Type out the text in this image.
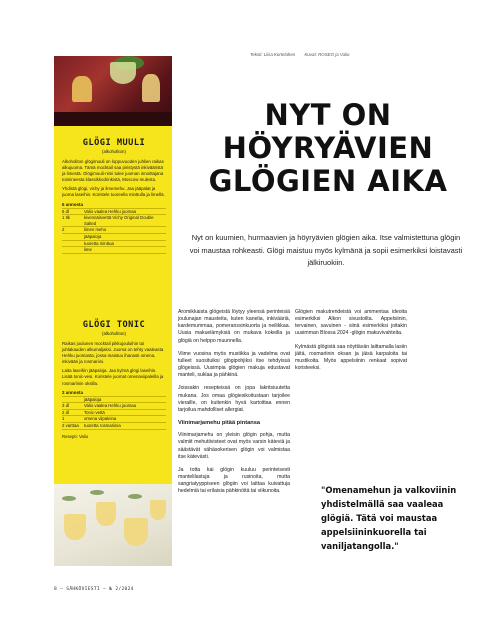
Teksti: Liisa Kortelahen Kuvat: ROSEO ja Valio
GLÖGI MUULI
(alkoholiton)

Alkoholiton glögimuuli on loppuvuoden juhlien raikas alkujuoma. Tämä mocktail saa piristystä inkivääristä ja limestä. Glögimuuli-nimi tulee juoman innoittajana toimineesta klassikkodrinkistä, Moscow mulesta.

Yhdistä glögi, vichy ja limemehu. Jaa jääpalat ja juoma laseihin. Koristele tuoreella minttulla ja limellä.

6 annosta
6 dl	Valio vaalea Hehku juomaa
1 tlk	kivennäisvettä Vichy Original Double Salted
2	limen mehu
jääpaloja
tuoretta minttua
lime
GLÖGI TONIC
(alkoholiton)

Raikas joulunen mocktail pikkujouluihin tai juhlakauden alkumaljaksi. Juoma on tehty vaaleasta Hehku juomasta, jossa maistuu ihanasti omena, inkivääri ja rosmariini.

Laita laseihin jääpaloja. Jaa kylmä glögi laseihin. Lisää tonic-vesi. Koristele juomat omenaviipaleilla ja rosmariinin oksilla.

2 annosta
jääpaloja
3 dl	Valio vaalea Hehku juomaa
2 dl	Tonic-vettä
1	omena viipaleina
2 varttaa	tuoretta rosmariinia
Resepti: Valio
NYT ON
HÖYRYÄVIEN
GLÖGIEN AIKA

Nyt on kuumien, hurmaavien ja höyryävien glögien aika. Itse valmistettuna glögin voi maustaa rohkeasti. Glögi maistuu myös kylmänä ja sopii esimerkiksi loistavasti jälkiruokiin.

Aromikkaista glögeistä löytyy yleensä perinteisiä joulunajan mausteita, kuten kanelia, inkivääriä, kardemummaa, pomeranssinkuorta ja neilikkaa. Uusia makuelämyksiä on mukava kokeilla ja glögiä on helppo muunnella.

Viime vuosina myös mustikka ja vadelma ovat tulleet suosituiksi glögipohjiksi itse tehdyissä glögeissä. Uusimpia glögien makuja edustavat manteli, suklaa ja pähkinä.

Joissakin resepteissä on jopa lakritsiuutetta mukana. Jos omaa glögiesikoitustaan tarjoilee vieraille, on kuitenkin hyvä kartoittaa ennen tarjoilua mahdolliset allergiat.

Viinimarjamehu pitää pintansa

Viinimarjamehu on yleisin glögin pohja, mutta valmiit mehutiivisteet ovat myös varsin käteviä ja säästävät vähäsokerisen glögin voi valmistaa itse kätevästi.

Ja totta kai glögin kuuluu perinteisesti mantelilastuja ja rusinoita, mutta sangriatyyppiseen glögiin voi laittaa kuivattuja hedelmiä tai erilaisia pähkinöitä tai viikunoita.

Glögien makutrendeistä voi ammentaa ideoita esimerkiksi Alkon sivustoilta. Appelsiinin, tervainen, savuinen - siinä esimerkiksi joitakin uusimman Blossa 2024 -glögin makuvivahteita.

Kylmästä glögistä saa nöyttävän laittamalla lasiin jäitä, rosmariinin oksan ja jäisä karpaloita tai mustikoita. Myös appelsiinin renkaat sopivat koristeeksi.

"Omenamehun ja valkoviinin yhdistelmällä saa vaaleaa glögiä. Tätä voi maustaa appelsiininkuorella tai vaniljatangolla."
8 — SÄHKÖVIESTI — № 2/2024
